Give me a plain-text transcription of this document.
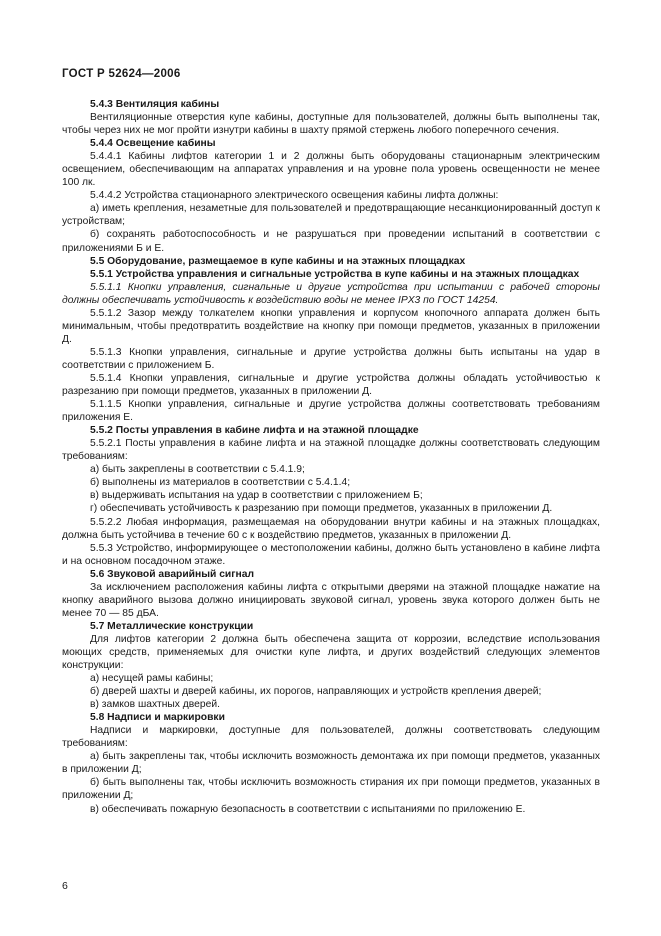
ГОСТ Р 52624—2006

5.4.3 Вентиляция кабины

Вентиляционные отверстия купе кабины, доступные для пользователей, должны быть выполнены так, чтобы через них не мог пройти изнутри кабины в шахту прямой стержень любого поперечного сечения.

5.4.4 Освещение кабины

5.4.4.1 Кабины лифтов категории 1 и 2 должны быть оборудованы стационарным электрическим освещением, обеспечивающим на аппаратах управления и на уровне пола уровень освещенности не менее 100 лк.

5.4.4.2 Устройства стационарного электрического освещения кабины лифта должны:

а) иметь крепления, незаметные для пользователей и предотвращающие несанкционированный доступ к устройствам;

б) сохранять работоспособность и не разрушаться при проведении испытаний в соответствии с приложениями Б и Е.

5.5 Оборудование, размещаемое в купе кабины и на этажных площадках

5.5.1 Устройства управления и сигнальные устройства в купе кабины и на этажных площадках

5.5.1.1 Кнопки управления, сигнальные и другие устройства при испытании с рабочей стороны должны обеспечивать устойчивость к воздействию воды не менее IPX3 по ГОСТ 14254.

5.5.1.2 Зазор между толкателем кнопки управления и корпусом кнопочного аппарата должен быть минимальным, чтобы предотвратить воздействие на кнопку при помощи предметов, указанных в приложении Д.

5.5.1.3 Кнопки управления, сигнальные и другие устройства должны быть испытаны на удар в соответствии с приложением Б.

5.5.1.4 Кнопки управления, сигнальные и другие устройства должны обладать устойчивостью к разрезанию при помощи предметов, указанных в приложении Д.

5.1.1.5 Кнопки управления, сигнальные и другие устройства должны соответствовать требованиям приложения Е.

5.5.2 Посты управления в кабине лифта и на этажной площадке

5.5.2.1 Посты управления в кабине лифта и на этажной площадке должны соответствовать следующим требованиям:

а) быть закреплены в соответствии с 5.4.1.9;

б) выполнены из материалов в соответствии с 5.4.1.4;

в) выдерживать испытания на удар в соответствии с приложением Б;

г) обеспечивать устойчивость к разрезанию при помощи предметов, указанных в приложении Д.

5.5.2.2 Любая информация, размещаемая на оборудовании внутри кабины и на этажных площадках, должна быть устойчива в течение 60 с к воздействию предметов, указанных в приложении Д.

5.5.3 Устройство, информирующее о местоположении кабины, должно быть установлено в кабине лифта и на основном посадочном этаже.

5.6 Звуковой аварийный сигнал

За исключением расположения кабины лифта с открытыми дверями на этажной площадке нажатие на кнопку аварийного вызова должно инициировать звуковой сигнал, уровень звука которого должен быть не менее 70 — 85 дБА.

5.7 Металлические конструкции

Для лифтов категории 2 должна быть обеспечена защита от коррозии, вследствие использования моющих средств, применяемых для очистки купе лифта, и других воздействий следующих элементов конструкции:

а) несущей рамы кабины;

б) дверей шахты и дверей кабины, их порогов, направляющих и устройств крепления дверей;

в) замков шахтных дверей.

5.8 Надписи и маркировки

Надписи и маркировки, доступные для пользователей, должны соответствовать следующим требованиям:

а) быть закреплены так, чтобы исключить возможность демонтажа их при помощи предметов, указанных в приложении Д;

б) быть выполнены так, чтобы исключить возможность стирания их при помощи предметов, указанных в приложении Д;

в) обеспечивать пожарную безопасность в соответствии с испытаниями по приложению Е.

6
